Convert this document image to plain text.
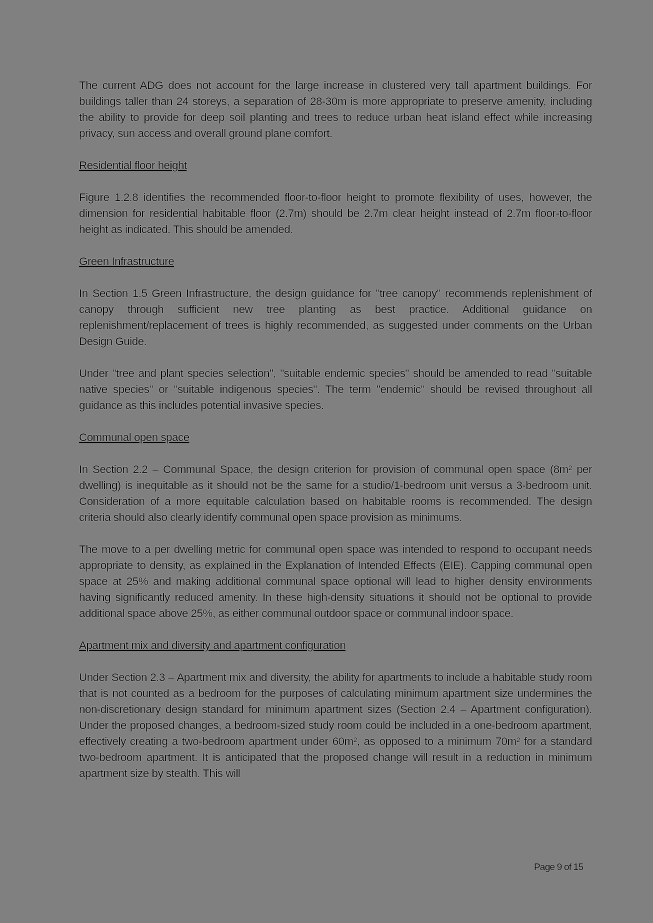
The current ADG does not account for the large increase in clustered very tall apartment buildings. For buildings taller than 24 storeys, a separation of 28-30m is more appropriate to preserve amenity, including the ability to provide for deep soil planting and trees to reduce urban heat island effect while increasing privacy, sun access and overall ground plane comfort.

Residential floor height

Figure 1.2.8 identifies the recommended floor-to-floor height to promote flexibility of uses, however, the dimension for residential habitable floor (2.7m) should be 2.7m clear height instead of 2.7m floor-to-floor height as indicated. This should be amended.

Green Infrastructure

In Section 1.5 Green Infrastructure, the design guidance for "tree canopy" recommends replenishment of canopy through sufficient new tree planting as best practice. Additional guidance on replenishment/replacement of trees is highly recommended, as suggested under comments on the Urban Design Guide.

Under "tree and plant species selection", "suitable endemic species" should be amended to read "suitable native species" or "suitable indigenous species". The term "endemic" should be revised throughout all guidance as this includes potential invasive species.

Communal open space

In Section 2.2 – Communal Space, the design criterion for provision of communal open space (8m² per dwelling) is inequitable as it should not be the same for a studio/1-bedroom unit versus a 3-bedroom unit. Consideration of a more equitable calculation based on habitable rooms is recommended. The design criteria should also clearly identify communal open space provision as minimums.

The move to a per dwelling metric for communal open space was intended to respond to occupant needs appropriate to density, as explained in the Explanation of Intended Effects (EIE). Capping communal open space at 25% and making additional communal space optional will lead to higher density environments having significantly reduced amenity. In these high-density situations it should not be optional to provide additional space above 25%, as either communal outdoor space or communal indoor space.

Apartment mix and diversity and apartment configuration

Under Section 2.3 – Apartment mix and diversity, the ability for apartments to include a habitable study room that is not counted as a bedroom for the purposes of calculating minimum apartment size undermines the non-discretionary design standard for minimum apartment sizes (Section 2.4 – Apartment configuration). Under the proposed changes, a bedroom-sized study room could be included in a one-bedroom apartment, effectively creating a two-bedroom apartment under 60m², as opposed to a minimum 70m² for a standard two-bedroom apartment. It is anticipated that the proposed change will result in a reduction in minimum apartment size by stealth. This will

Page 9 of 15
